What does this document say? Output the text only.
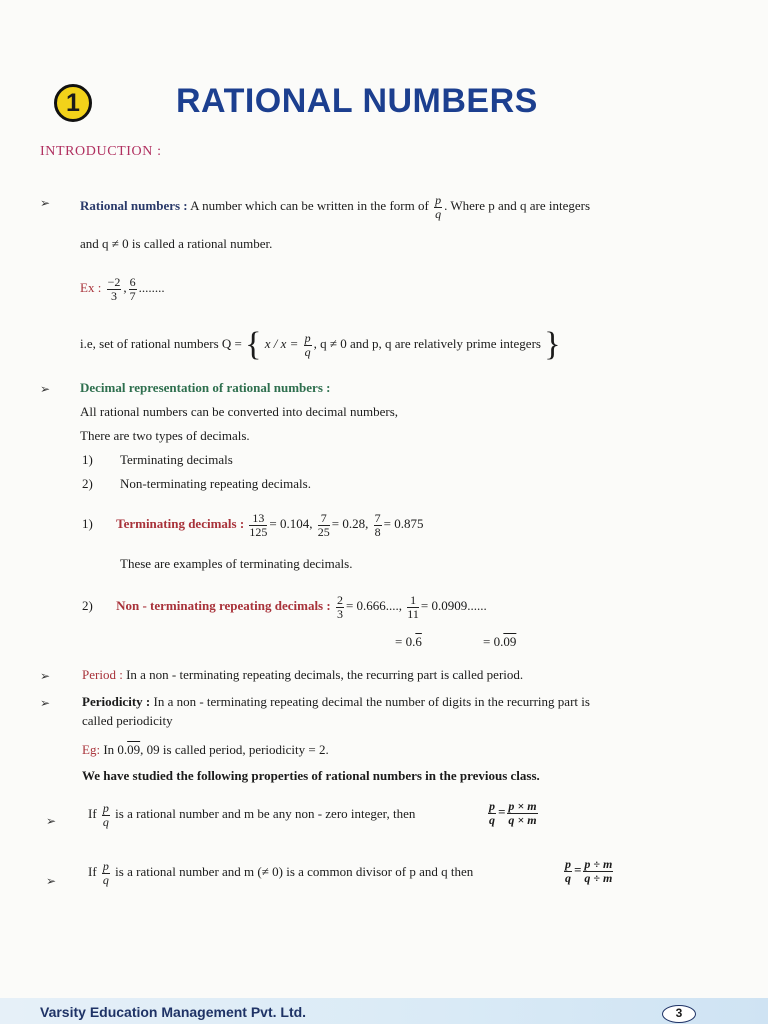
1	RATIONAL NUMBERS
INTRODUCTION :
➢ Rational numbers : A number which can be written in the form of $\frac{p}{q}$ . Where p and q are integers
and q ≠ 0 is called a rational number.
Ex : $\frac{-2}{3}$ , $\frac{6}{7}$ ........
i.e, set of rational numbers Q = { $x / x = \frac{p}{q}$ , q ≠ 0 and p, q are relatively prime integers }
➢ Decimal representation of rational numbers :
All rational numbers can be converted into decimal numbers,
There are two types of decimals.
1) Terminating decimals
2) Non-terminating repeating decimals.
1) Terminating decimals : $\frac{13}{125} = 0.104$, $\frac{7}{25} = 0.28$, $\frac{7}{8} = 0.875$
These are examples of terminating decimals.
2) Non - terminating repeating decimals : $\frac{2}{3} = 0.666$...., $\frac{1}{11} = 0.0909$......
= 0.6	= 0.09
➢ Period : In a non - terminating repeating decimals, the recurring part is called period.
➢ Periodicity : In a non - terminating repeating decimal the number of digits in the recurring part is
called periodicity
Eg: In 0.09, 09 is called period, periodicity = 2.
We have studied the following properties of rational numbers in the previous class.
➢ If $\frac{p}{q}$ is a rational number and m be any non - zero integer, then	$\frac{p}{q} = \frac{p \times m}{q \times m}$
➢
If $\frac{p}{q}$ is a rational number and m (≠ 0) is a common divisor of p and q then	$\frac{p}{q} = \frac{p \div m}{q \div m}$
Varsity Education Management Pvt. Ltd.	3
